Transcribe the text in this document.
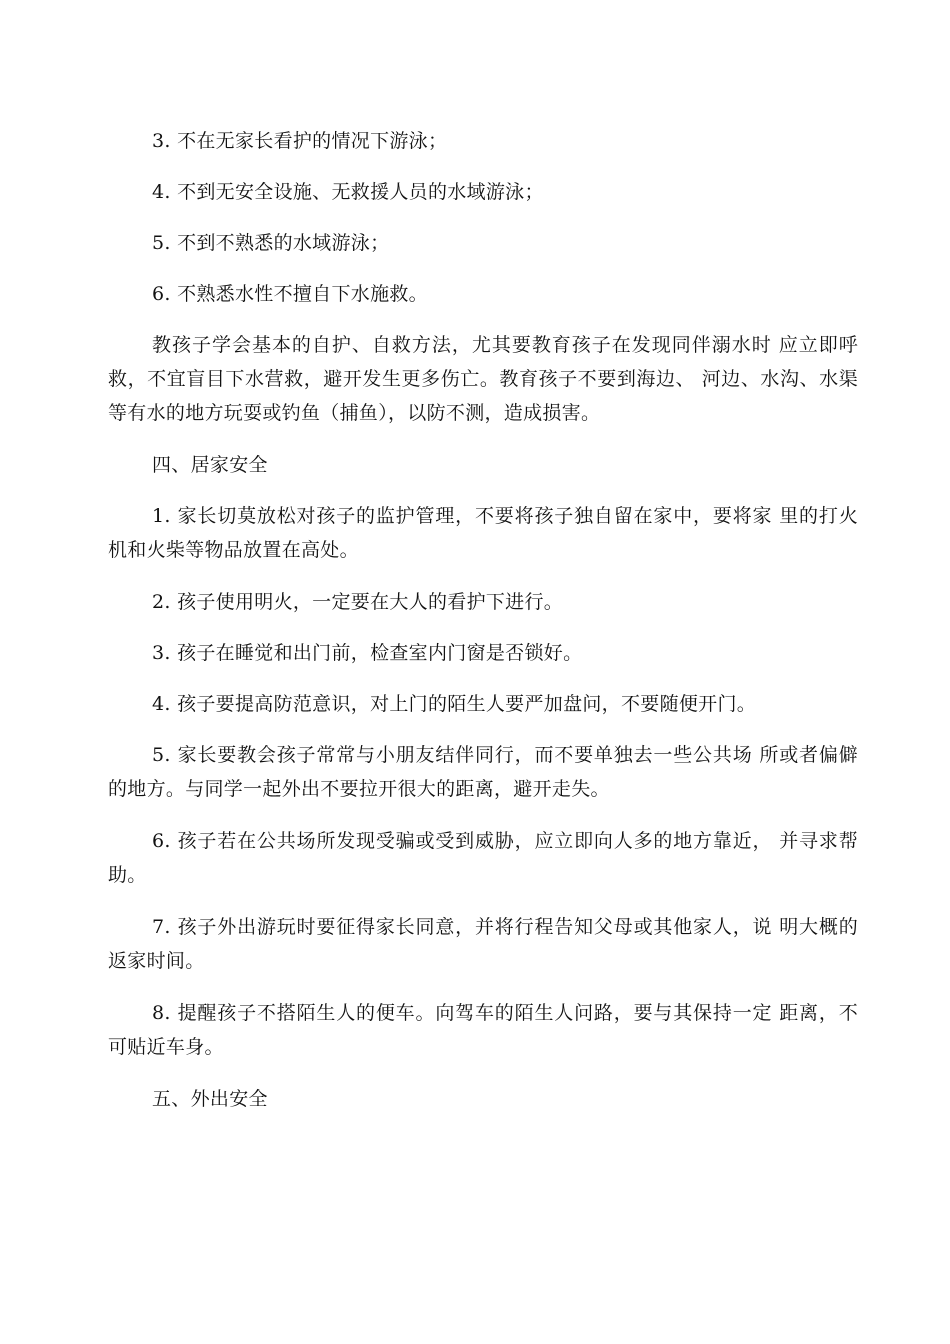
3. 不在无家长看护的情况下游泳；

4. 不到无安全设施、无救援人员的水域游泳；

5. 不到不熟悉的水域游泳；

6. 不熟悉水性不擅自下水施救。

教孩子学会基本的自护、自救方法，尤其要教育孩子在发现同伴溺水时 应立即呼救，不宜盲目下水营救，避开发生更多伤亡。教育孩子不要到海边、 河边、水沟、水渠等有水的地方玩耍或钓鱼（捕鱼），以防不测，造成损害。

四、居家安全

1. 家长切莫放松对孩子的监护管理，不要将孩子独自留在家中，要将家 里的打火机和火柴等物品放置在高处。

2. 孩子使用明火，一定要在大人的看护下进行。

3. 孩子在睡觉和出门前，检查室内门窗是否锁好。

4. 孩子要提高防范意识，对上门的陌生人要严加盘问，不要随便开门。

5. 家长要教会孩子常常与小朋友结伴同行，而不要单独去一些公共场 所或者偏僻的地方。与同学一起外出不要拉开很大的距离，避开走失。

6. 孩子若在公共场所发现受骗或受到威胁，应立即向人多的地方靠近， 并寻求帮助。

7. 孩子外出游玩时要征得家长同意，并将行程告知父母或其他家人，说 明大概的返家时间。

8. 提醒孩子不搭陌生人的便车。向驾车的陌生人问路，要与其保持一定 距离，不可贴近车身。

五、外出安全
